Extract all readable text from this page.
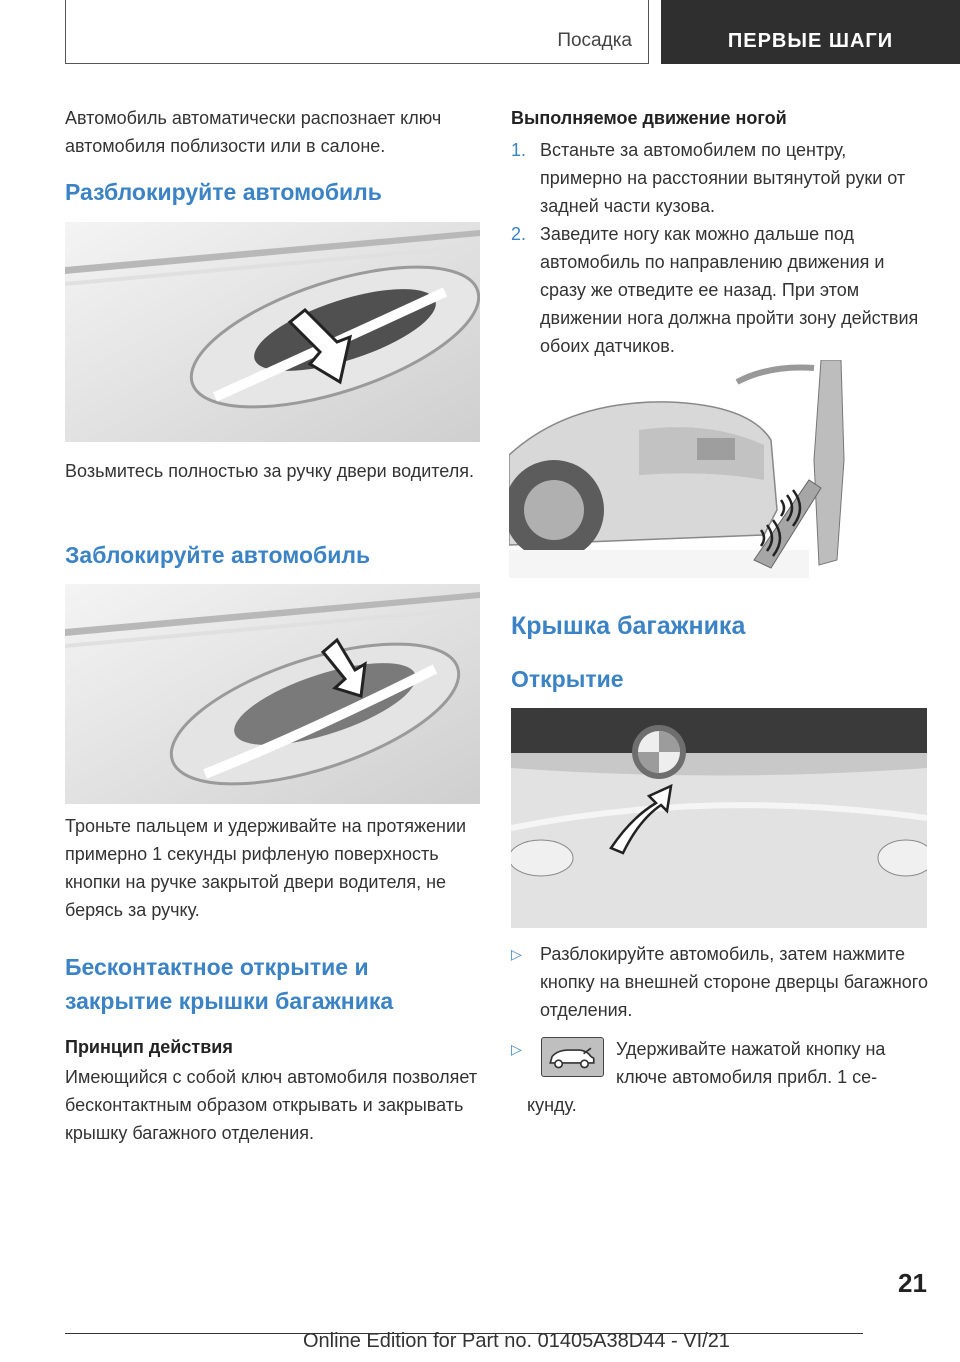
Посадка	ПЕРВЫЕ ШАГИ

Автомобиль автоматически распознает ключ автомобиля поблизости или в салоне.

Разблокируйте автомобиль

Возьмитесь полностью за ручку двери водителя.

Заблокируйте автомобиль

Троньте пальцем и удерживайте на протяжении примерно 1 секунды рифленую поверхность кнопки на ручке закрытой двери водителя, не берясь за ручку.

Бесконтактное открытие и закрытие крышки багажника
Принцип действия

Имеющийся с собой ключ автомобиля позволяет бесконтактным образом открывать и закрывать крышку багажного отделения.

Выполняемое движение ногой
1. Встаньте за автомобилем по центру, примерно на расстоянии вытянутой руки от задней части кузова.
2. Заведите ногу как можно дальше под автомобиль по направлению движения и сразу же отведите ее назад. При этом движении нога должна пройти зону действия обоих датчиков.
Крышка багажника
Открытие
▷ Разблокируйте автомобиль, затем нажмите кнопку на внешней стороне дверцы багажного отделения.
▷	Удерживайте нажатой кнопку на
ключе автомобиля прибл. 1 се-
кунду.
21
Online Edition for Part no. 01405A38D44 - VI/21
